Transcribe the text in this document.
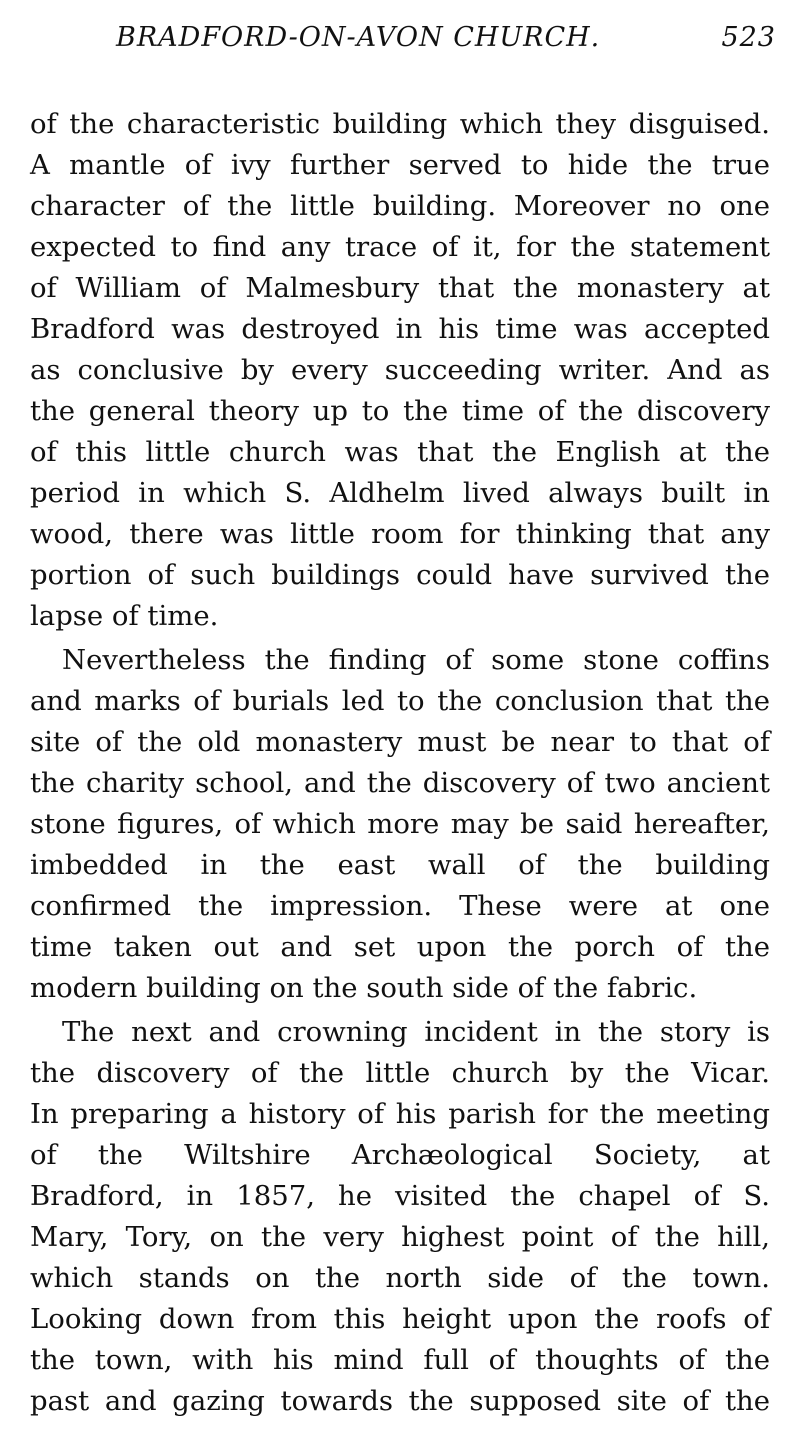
BRADFORD-ON-AVON CHURCH.	523
of the characteristic building which they disguised.
A mantle of ivy further served to hide the true
character of the little building. Moreover no one
expected to find any trace of it, for the statement
of William of Malmesbury that the monastery at
Bradford was destroyed in his time was accepted
as conclusive by every succeeding writer. And as
the general theory up to the time of the discovery
of this little church was that the English at the
period in which S. Aldhelm lived always built in
wood, there was little room for thinking that any
portion of such buildings could have survived the
lapse of time.
Nevertheless the finding of some stone coffins
and marks of burials led to the conclusion that the
site of the old monastery must be near to that of
the charity school, and the discovery of two ancient
stone figures, of which more may be said hereafter,
imbedded in the east wall of the building
confirmed the impression. These were at one
time taken out and set upon the porch of the
modern building on the south side of the fabric.
The next and crowning incident in the story is
the discovery of the little church by the Vicar.
In preparing a history of his parish for the meeting
of the Wiltshire Archæological Society, at
Bradford, in 1857, he visited the chapel of S.
Mary, Tory, on the very highest point of the hill,
which stands on the north side of the town.
Looking down from this height upon the roofs of
the town, with his mind full of thoughts of the
past and gazing towards the supposed site of the
